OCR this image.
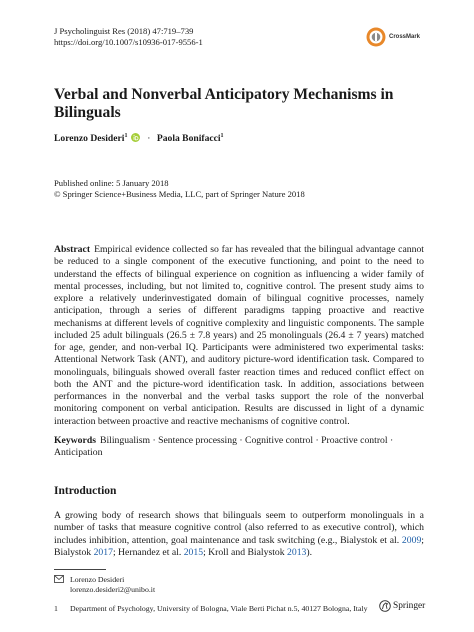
J Psycholinguist Res (2018) 47:719–739
https://doi.org/10.1007/s10936-017-9556-1	CrossMark
Verbal and Nonverbal Anticipatory Mechanisms in Bilinguals
Lorenzo Desideri$^1$ · Paola Bonifacci$^1$
Published online: 5 January 2018
© Springer Science+Business Media, LLC, part of Springer Nature 2018
Abstract Empirical evidence collected so far has revealed that the bilingual advantage cannot be reduced to a single component of the executive functioning, and point to the need to understand the effects of bilingual experience on cognition as influencing a wider family of mental processes, including, but not limited to, cognitive control. The present study aims to explore a relatively underinvestigated domain of bilingual cognitive processes, namely anticipation, through a series of different paradigms tapping proactive and reactive mechanisms at different levels of cognitive complexity and linguistic components. The sample included 25 adult bilinguals (26.5 ± 7.8 years) and 25 monolinguals (26.4 ± 7 years) matched for age, gender, and non-verbal IQ. Participants were administered two experimental tasks: Attentional Network Task (ANT), and auditory picture-word identification task. Compared to monolinguals, bilinguals showed overall faster reaction times and reduced conflict effect on both the ANT and the picture-word identification task. In addition, associations between performances in the nonverbal and the verbal tasks support the role of the nonverbal monitoring component on verbal anticipation. Results are discussed in light of a dynamic interaction between proactive and reactive mechanisms of cognitive control.
Keywords Bilingualism · Sentence processing · Cognitive control · Proactive control · Anticipation
Introduction
A growing body of research shows that bilinguals seem to outperform monolinguals in a number of tasks that measure cognitive control (also referred to as executive control), which includes inhibition, attention, goal maintenance and task switching (e.g., Bialystok et al. 2009; Bialystok 2017; Hernandez et al. 2015; Kroll and Bialystok 2013).
Lorenzo Desideri
lorenzo.desideri2@unibo.it
1 Department of Psychology, University of Bologna, Viale Berti Pichat n.5, 40127 Bologna, Italy	Springer
